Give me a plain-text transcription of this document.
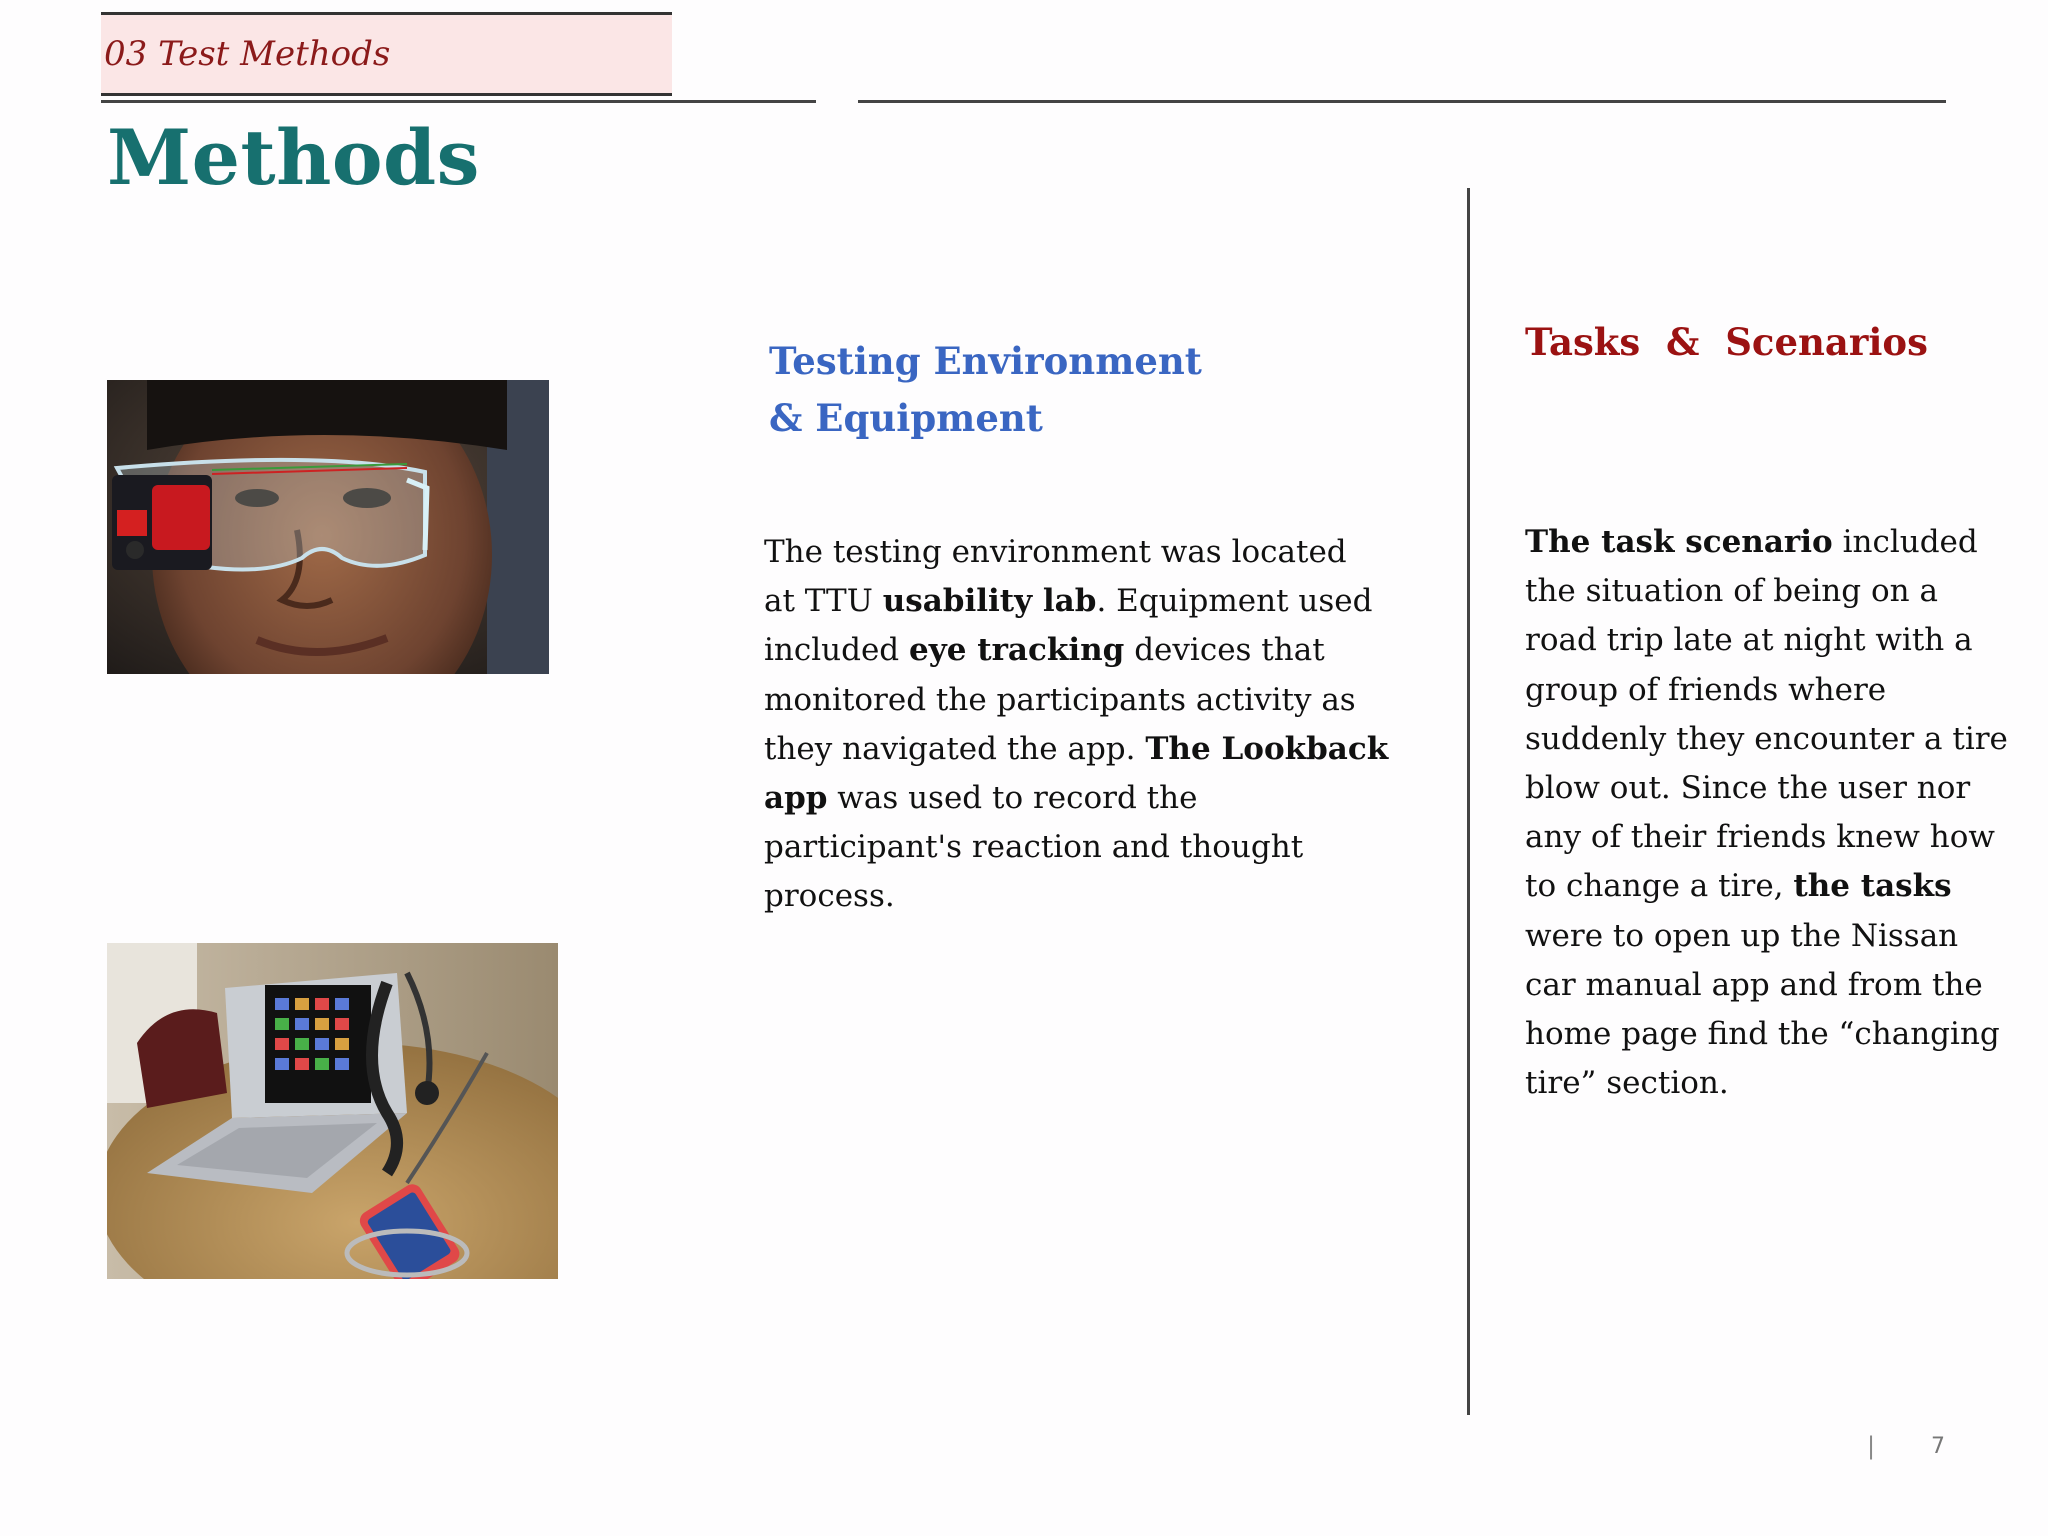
03 Test Methods
Methods
Testing Environment
& Equipment
The testing environment was located
at TTU usability lab. Equipment used
included eye tracking devices that
monitored the participants activity as
they navigated the app. The Lookback
app was used to record the
participant's reaction and thought
process.
Tasks  &  Scenarios
The task scenario included
the situation of being on a
road trip late at night with a
group of friends where
suddenly they encounter a tire
blow out. Since the user nor
any of their friends knew how
to change a tire, the tasks
were to open up the Nissan
car manual app and from the
home page find the “changing
tire” section.
|	7
